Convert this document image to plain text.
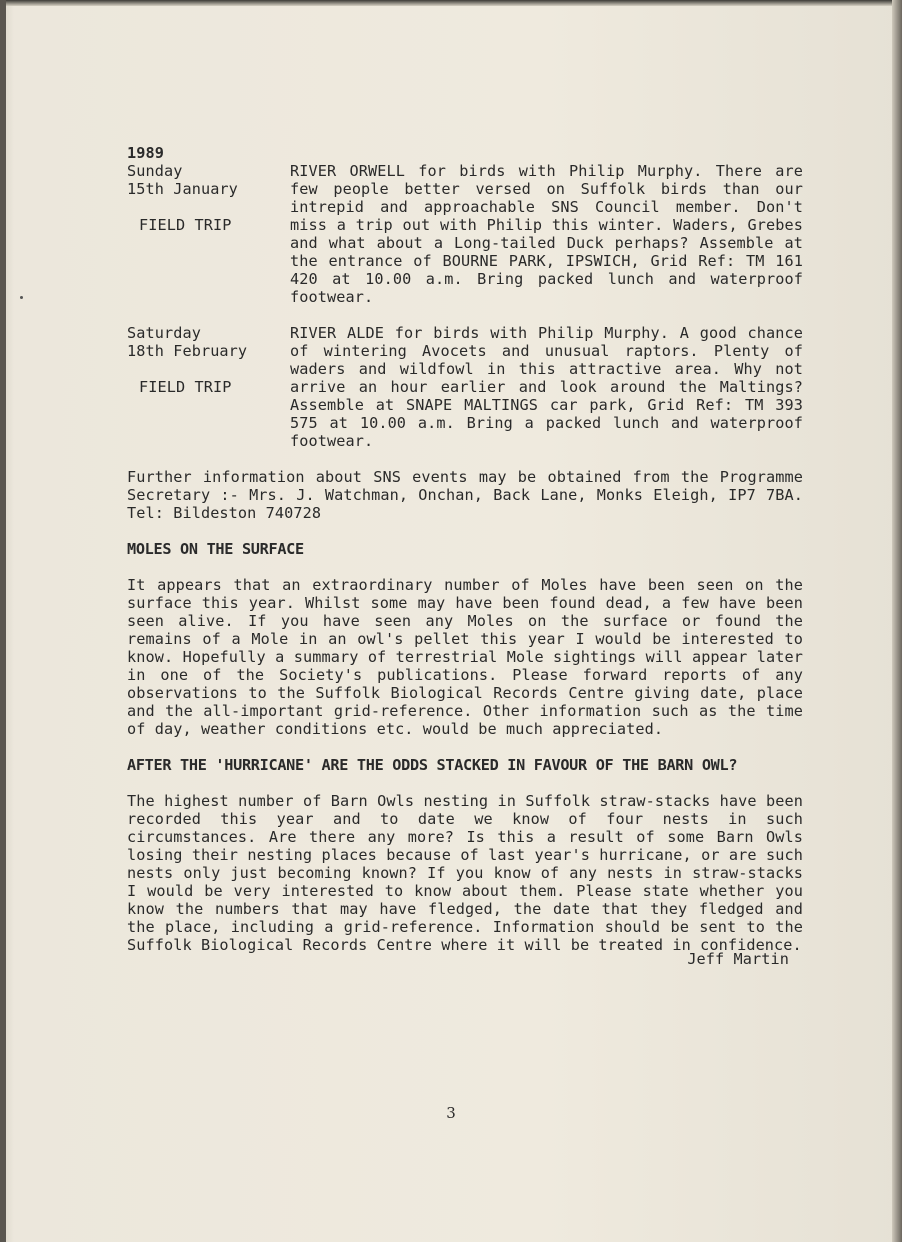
1989

Sunday
15th January
FIELD TRIP

RIVER ORWELL for birds with Philip Murphy. There are few people better versed on Suffolk birds than our intrepid and approachable SNS Council member. Don't miss a trip out with Philip this winter. Waders, Grebes and what about a Long-tailed Duck perhaps? Assemble at the entrance of BOURNE PARK, IPSWICH, Grid Ref: TM 161 420 at 10.00 a.m. Bring packed lunch and waterproof footwear.

Saturday
18th February
FIELD TRIP

RIVER ALDE for birds with Philip Murphy. A good chance of wintering Avocets and unusual raptors. Plenty of waders and wildfowl in this attractive area. Why not arrive an hour earlier and look around the Maltings? Assemble at SNAPE MALTINGS car park, Grid Ref: TM 393 575 at 10.00 a.m. Bring a packed lunch and waterproof footwear.

Further information about SNS events may be obtained from the Programme Secretary :- Mrs. J. Watchman, Onchan, Back Lane, Monks Eleigh, IP7 7BA. Tel: Bildeston 740728

MOLES ON THE SURFACE

It appears that an extraordinary number of Moles have been seen on the surface this year. Whilst some may have been found dead, a few have been seen alive. If you have seen any Moles on the surface or found the remains of a Mole in an owl's pellet this year I would be interested to know. Hopefully a summary of terrestrial Mole sightings will appear later in one of the Society's publications. Please forward reports of any observations to the Suffolk Biological Records Centre giving date, place and the all-important grid-reference. Other information such as the time of day, weather conditions etc. would be much appreciated.

AFTER THE 'HURRICANE' ARE THE ODDS STACKED IN FAVOUR OF THE BARN OWL?

The highest number of Barn Owls nesting in Suffolk straw-stacks have been recorded this year and to date we know of four nests in such circumstances. Are there any more? Is this a result of some Barn Owls losing their nesting places because of last year's hurricane, or are such nests only just becoming known? If you know of any nests in straw-stacks I would be very interested to know about them. Please state whether you know the numbers that may have fledged, the date that they fledged and the place, including a grid-reference. Information should be sent to the Suffolk Biological Records Centre where it will be treated in confidence.

Jeff Martin
3
